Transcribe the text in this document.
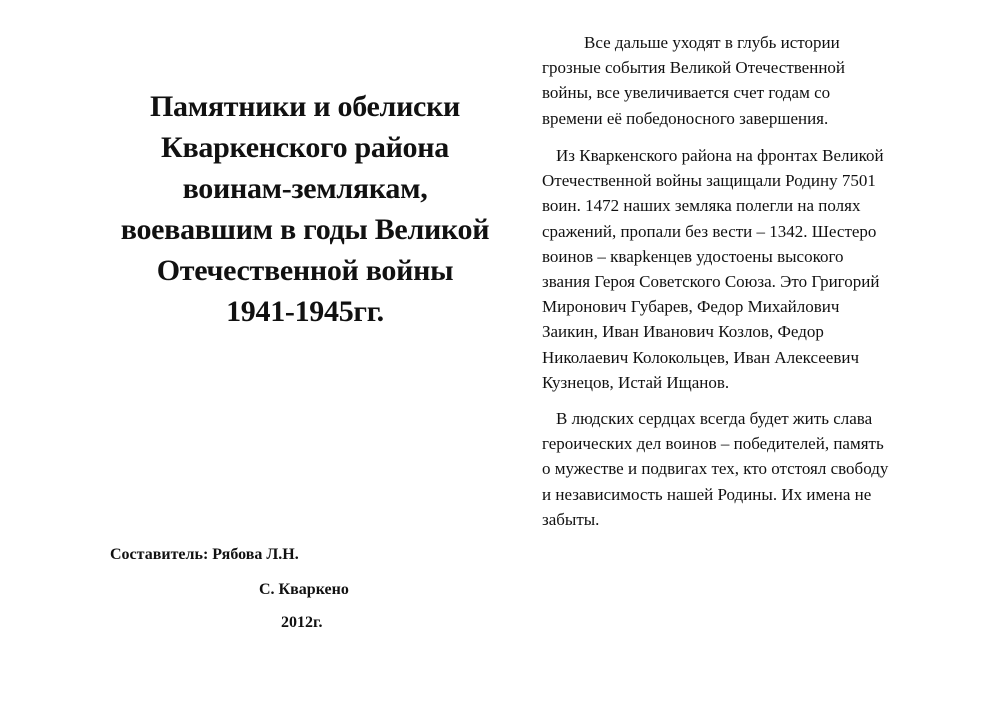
Памятники и обелиски
Кваркенского района
воинам-землякам,
воевавшим в годы Великой
Отечественной войны
1941-1945гг.
Составитель: Рябова Л.Н.
С. Кваркено
2012г.

Все дальше уходят в глубь истории
грозные события Великой Отечественной
войны, все увеличивается счет годам со
времени её победоносного завершения.

Из Кваркенского района на фронтах Великой
Отечественной войны защищали Родину 7501
воин. 1472 наших земляка полегли на полях
сражений, пропали без вести – 1342. Шестеро
воинов – кварkенцев удостоены высокого
звания Героя Советского Союза. Это Григорий
Миронович Губарев, Федор Михайлович
Заикин, Иван Иванович Козлов, Федор
Николаевич Колокольцев, Иван Алексеевич
Кузнецов, Истай Ищанов.

В людских сердцах всегда будет жить слава
героических дел воинов – победителей, память
о мужестве и подвигах тех, кто отстоял свободу
и независимость нашей Родины. Их имена не
забыты.
